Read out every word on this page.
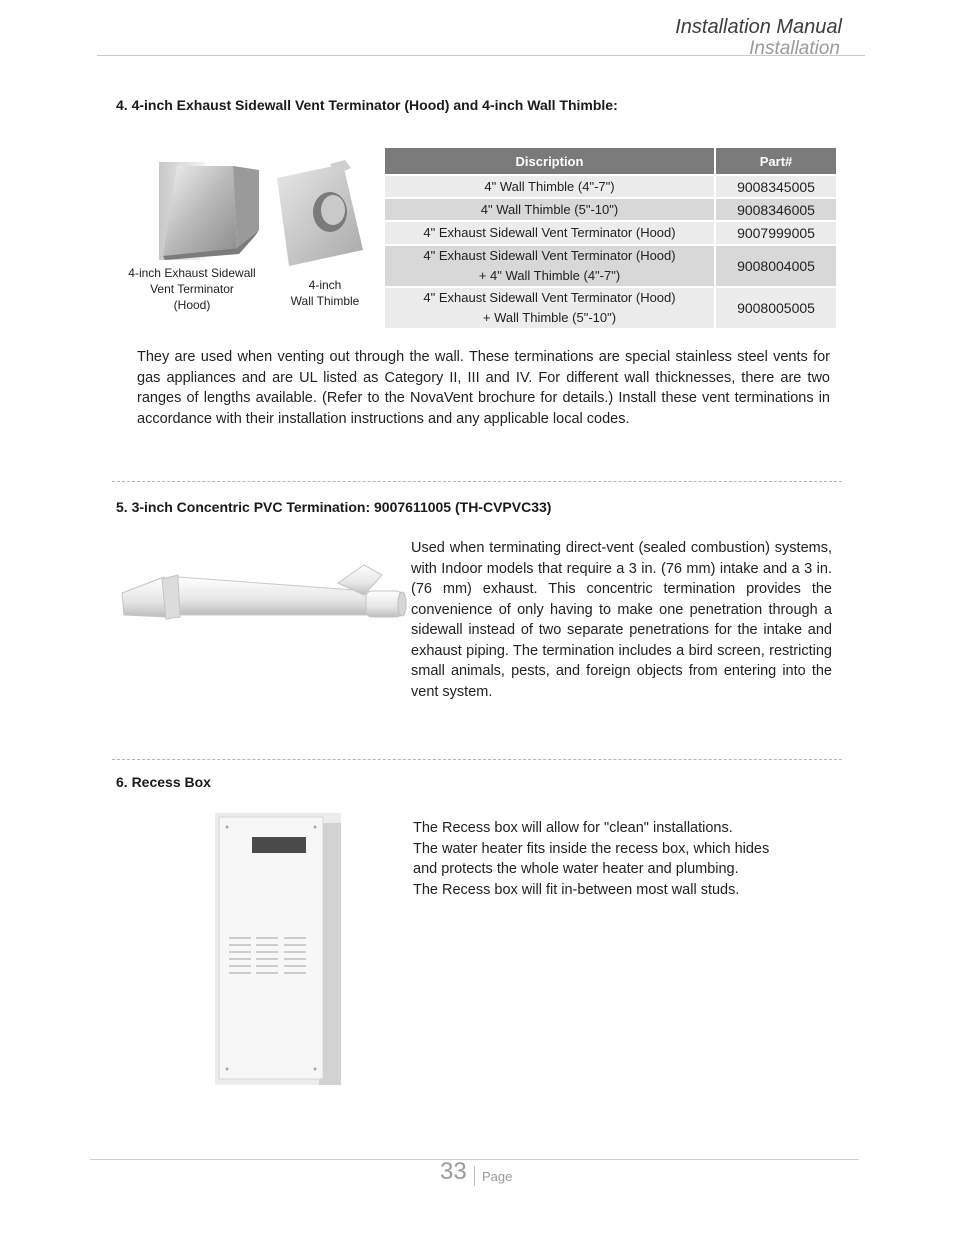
Installation Manual
Installation
4. 4-inch Exhaust Sidewall Vent Terminator (Hood) and 4-inch Wall Thimble:
4-inch Exhaust Sidewall
Vent Terminator
(Hood)
4-inch
Wall Thimble
Discription	Part#
4" Wall Thimble (4"-7")	9008345005
4" Wall Thimble (5"-10")	9008346005
4" Exhaust Sidewall Vent Terminator (Hood)	9007999005

4" Exhaust Sidewall Vent Terminator (Hood)
+ 4" Wall Thimble (4"-7")	9008004005

4" Exhaust Sidewall Vent Terminator (Hood)
+ Wall Thimble (5"-10")	9008005005
They are used when venting out through the wall. These terminations are special stainless steel vents for gas appliances and are UL listed as Category II, III and IV. For different wall thicknesses, there are two ranges of lengths available. (Refer to the NovaVent brochure for details.) Install these vent terminations in accordance with their installation instructions and any applicable local codes.
5. 3-inch Concentric PVC Termination: 9007611005 (TH-CVPVC33)
Used when terminating direct-vent (sealed combustion) systems, with Indoor models that require a 3 in. (76 mm) intake and a 3 in. (76 mm) exhaust. This concentric termination provides the convenience of only having to make one penetration through a sidewall instead of two separate penetrations for the intake and exhaust piping. The termination includes a bird screen, restricting small animals, pests, and foreign objects from entering into the vent system.
6. Recess Box
The Recess box will allow for "clean" installations.
The water heater fits inside the recess box, which hides
and protects the whole water heater and plumbing.
The Recess box will fit in-between most wall studs.
33 Page
